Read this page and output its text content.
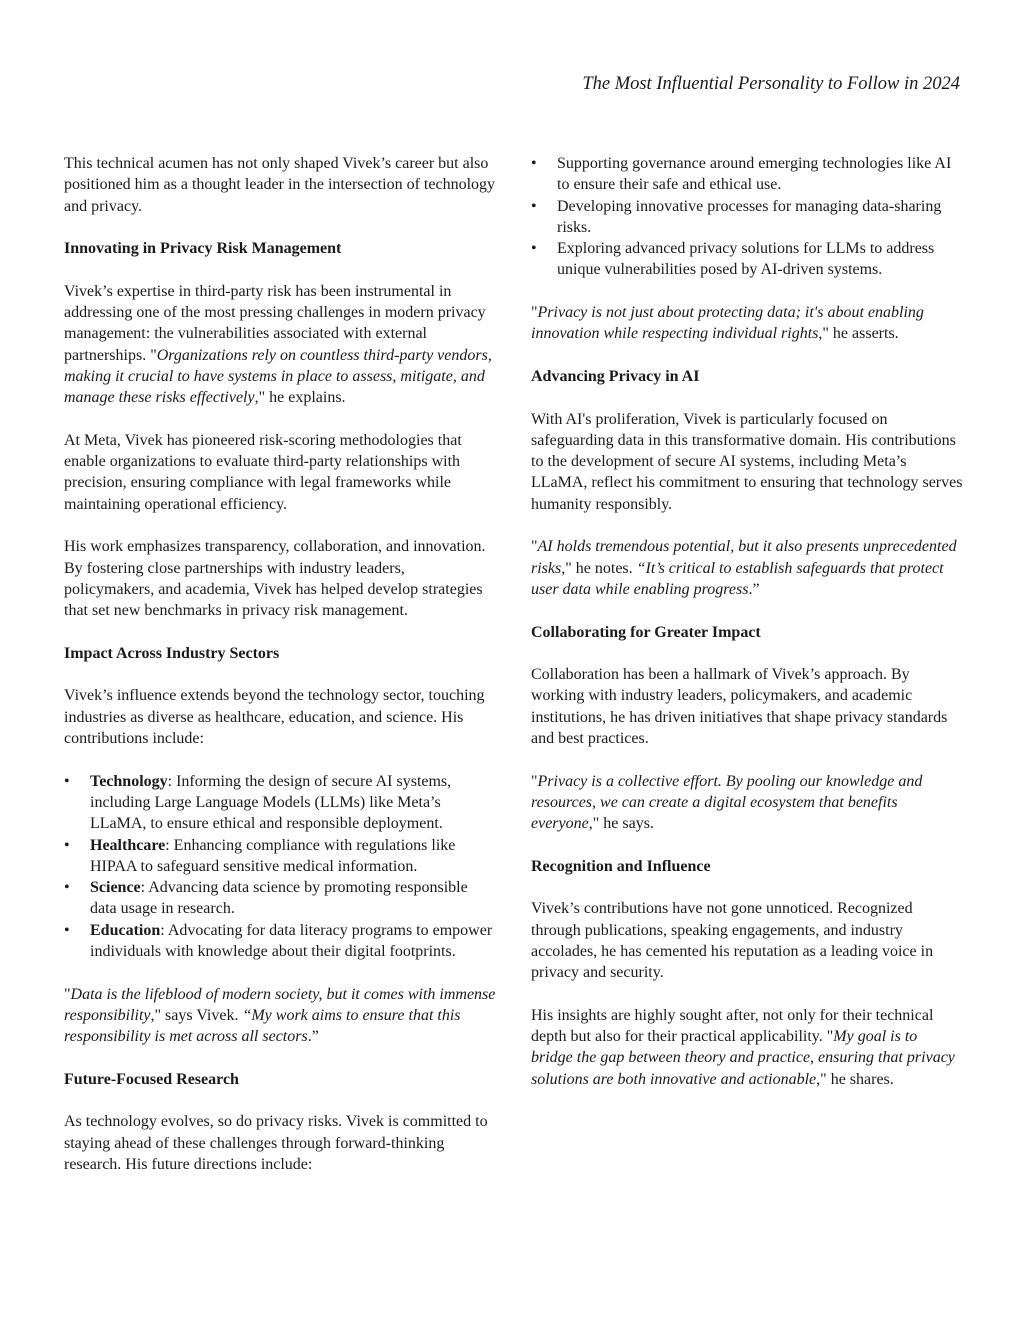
The Most Influential Personality to Follow in 2024

This technical acumen has not only shaped Vivek’s career but also positioned him as a thought leader in the intersection of technology and privacy.

Innovating in Privacy Risk Management

Vivek’s expertise in third-party risk has been instrumental in addressing one of the most pressing challenges in modern privacy management: the vulnerabilities associated with external partnerships. "Organizations rely on countless third-party vendors, making it crucial to have systems in place to assess, mitigate, and manage these risks effectively," he explains.

At Meta, Vivek has pioneered risk-scoring methodologies that enable organizations to evaluate third-party relationships with precision, ensuring compliance with legal frameworks while maintaining operational efficiency.

His work emphasizes transparency, collaboration, and innovation. By fostering close partnerships with industry leaders, policymakers, and academia, Vivek has helped develop strategies that set new benchmarks in privacy risk management.

Impact Across Industry Sectors

Vivek’s influence extends beyond the technology sector, touching industries as diverse as healthcare, education, and science. His contributions include:

• Technology: Informing the design of secure AI systems, including Large Language Models (LLMs) like Meta’s LLaMA, to ensure ethical and responsible deployment.
• Healthcare: Enhancing compliance with regulations like HIPAA to safeguard sensitive medical information.
• Science: Advancing data science by promoting responsible data usage in research.
• Education: Advocating for data literacy programs to empower individuals with knowledge about their digital footprints.

"Data is the lifeblood of modern society, but it comes with immense responsibility," says Vivek. “My work aims to ensure that this responsibility is met across all sectors.”

Future-Focused Research

As technology evolves, so do privacy risks. Vivek is committed to staying ahead of these challenges through forward-thinking research. His future directions include:

• Supporting governance around emerging technologies like AI to ensure their safe and ethical use.
• Developing innovative processes for managing data-sharing risks.
• Exploring advanced privacy solutions for LLMs to address unique vulnerabilities posed by AI-driven systems.

"Privacy is not just about protecting data; it's about enabling innovation while respecting individual rights," he asserts.

Advancing Privacy in AI

With AI's proliferation, Vivek is particularly focused on safeguarding data in this transformative domain. His contributions to the development of secure AI systems, including Meta’s LLaMA, reflect his commitment to ensuring that technology serves humanity responsibly.

"AI holds tremendous potential, but it also presents unprecedented risks," he notes. “It’s critical to establish safeguards that protect user data while enabling progress.”

Collaborating for Greater Impact

Collaboration has been a hallmark of Vivek’s approach. By working with industry leaders, policymakers, and academic institutions, he has driven initiatives that shape privacy standards and best practices.

"Privacy is a collective effort. By pooling our knowledge and resources, we can create a digital ecosystem that benefits everyone," he says.

Recognition and Influence

Vivek’s contributions have not gone unnoticed. Recognized through publications, speaking engagements, and industry accolades, he has cemented his reputation as a leading voice in privacy and security.

His insights are highly sought after, not only for their technical depth but also for their practical applicability. "My goal is to bridge the gap between theory and practice, ensuring that privacy solutions are both innovative and actionable," he shares.
